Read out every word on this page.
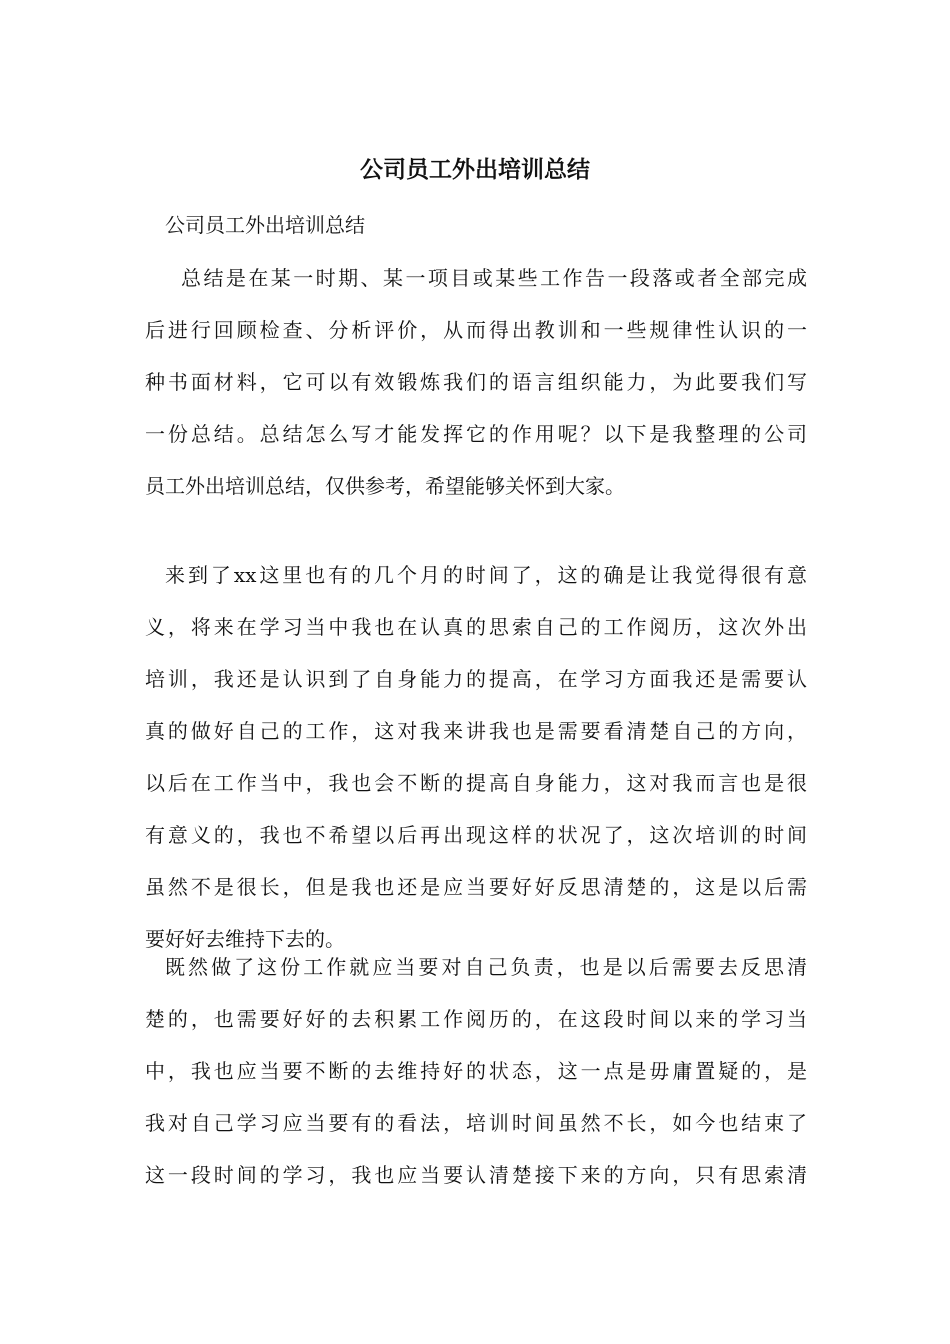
公司员工外出培训总结
公司员工外出培训总结
总结是在某一时期、某一项目或某些工作告一段落或者全部完成
后进行回顾检查、分析评价，从而得出教训和一些规律性认识的一
种书面材料，它可以有效锻炼我们的语言组织能力，为此要我们写
一份总结。总结怎么写才能发挥它的作用呢？以下是我整理的公司
员工外出培训总结，仅供参考，希望能够关怀到大家。
来到了xx这里也有的几个月的时间了，这的确是让我觉得很有意
义，将来在学习当中我也在认真的思索自己的工作阅历，这次外出
培训，我还是认识到了自身能力的提高，在学习方面我还是需要认
真的做好自己的工作，这对我来讲我也是需要看清楚自己的方向，
以后在工作当中，我也会不断的提高自身能力，这对我而言也是很
有意义的，我也不希望以后再出现这样的状况了，这次培训的时间
虽然不是很长，但是我也还是应当要好好反思清楚的，这是以后需
要好好去维持下去的。
既然做了这份工作就应当要对自己负责，也是以后需要去反思清
楚的，也需要好好的去积累工作阅历的，在这段时间以来的学习当
中，我也应当要不断的去维持好的状态，这一点是毋庸置疑的，是
我对自己学习应当要有的看法，培训时间虽然不长，如今也结束了
这一段时间的学习，我也应当要认清楚接下来的方向，只有思索清
